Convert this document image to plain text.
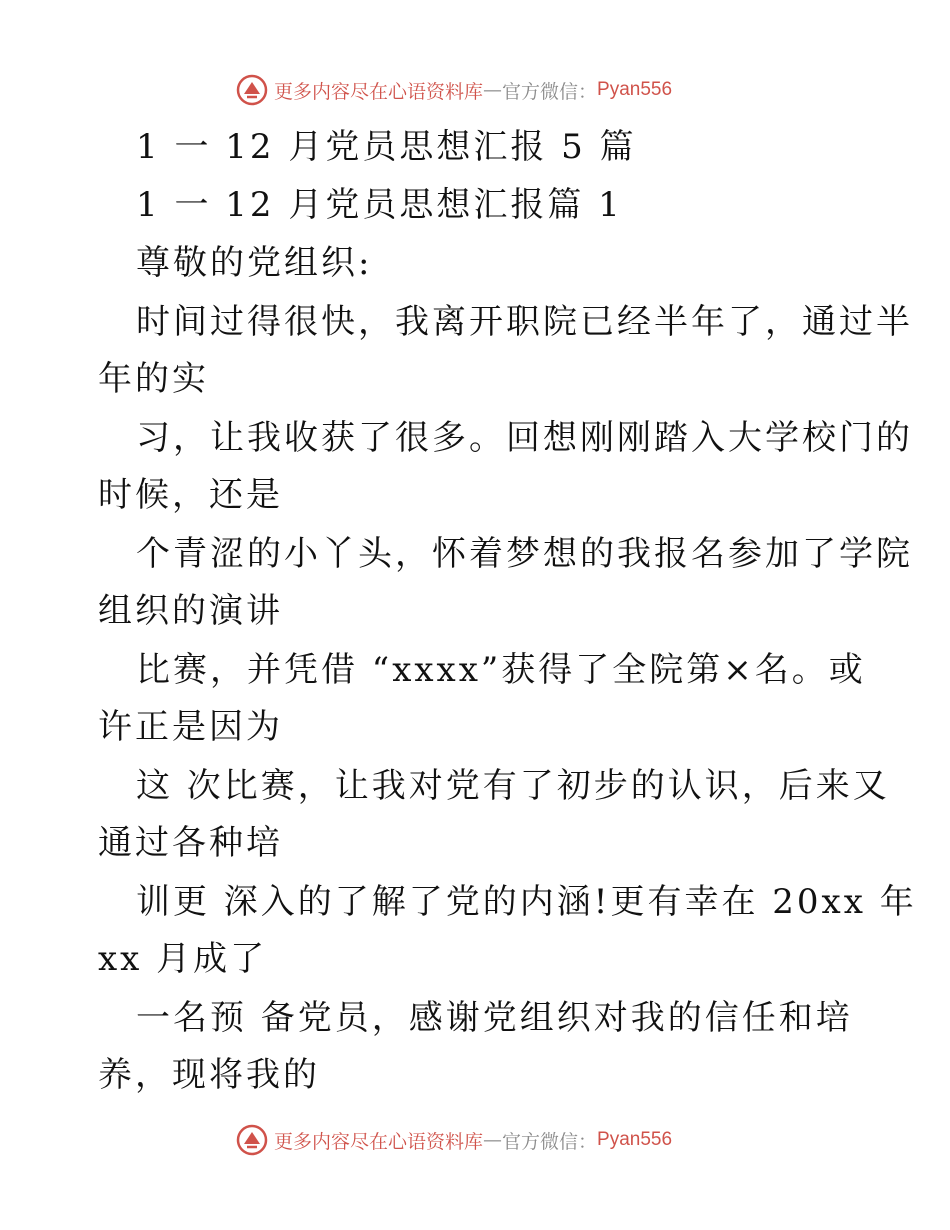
更多内容尽在心语资料库 — 官方微信： Pyan556
1 一 12 月党员思想汇报 5 篇
1 一 12 月党员思想汇报篇 1
尊敬的党组织:
时间过得很快，我离开职院已经半年了，通过半
年的实
习，让我收获了很多。回想刚刚踏入大学校门的
时候，还是
个青涩的小丫头，怀着梦想的我报名参加了学院
组织的演讲
比赛，并凭借 “xxxx”获得了全院第×名。或
许正是因为
这 次比赛，让我对党有了初步的认识，后来又
通过各种培
训更 深入的了解了党的内涵!更有幸在 20xx 年
xx 月成了
一名预 备党员，感谢党组织对我的信任和培
养，现将我的
更多内容尽在心语资料库 — 官方微信： Pyan556
